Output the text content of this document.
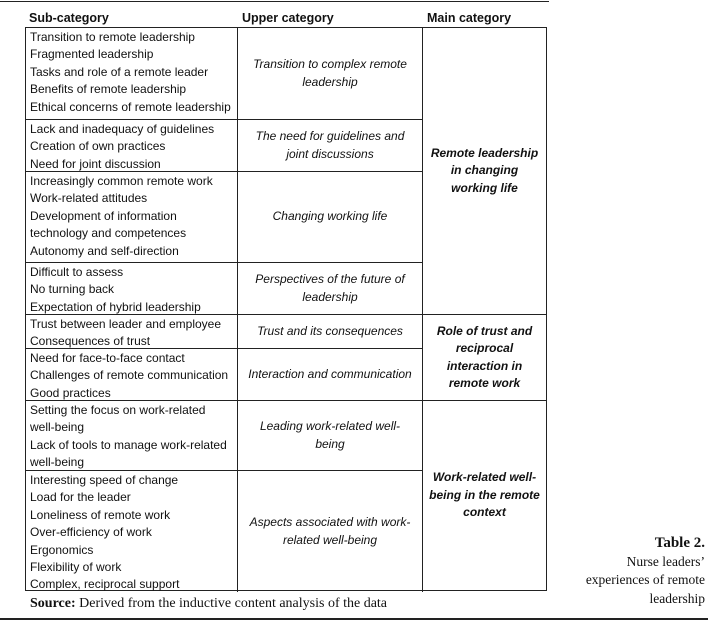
Sub-category	Upper category	Main category
Transition to remote leadership
Fragmented leadership
Tasks and role of a remote leader
Benefits of remote leadership
Ethical concerns of remote leadership
Transition to complex remote leadership
Lack and inadequacy of guidelines
Creation of own practices
Need for joint discussion
The need for guidelines and joint discussions
Increasingly common remote work
Work-related attitudes
Development of information technology and competences
Autonomy and self-direction
Changing working life
Difficult to assess
No turning back
Expectation of hybrid leadership
Perspectives of the future of leadership
Trust between leader and employee
Consequences of trust
Trust and its consequences
Need for face-to-face contact
Challenges of remote communication
Good practices
Interaction and communication
Setting the focus on work-related well-being
Lack of tools to manage work-related well-being
Leading work-related well-being
Interesting speed of change
Load for the leader
Loneliness of remote work
Over-efficiency of work
Ergonomics
Flexibility of work
Complex, reciprocal support
Aspects associated with work-related well-being
Remote leadership in changing working life
Role of trust and reciprocal interaction in remote work
Work-related well-being in the remote context
Source: Derived from the inductive content analysis of the data
Table 2.
Nurse leaders’
experiences of remote
leadership
